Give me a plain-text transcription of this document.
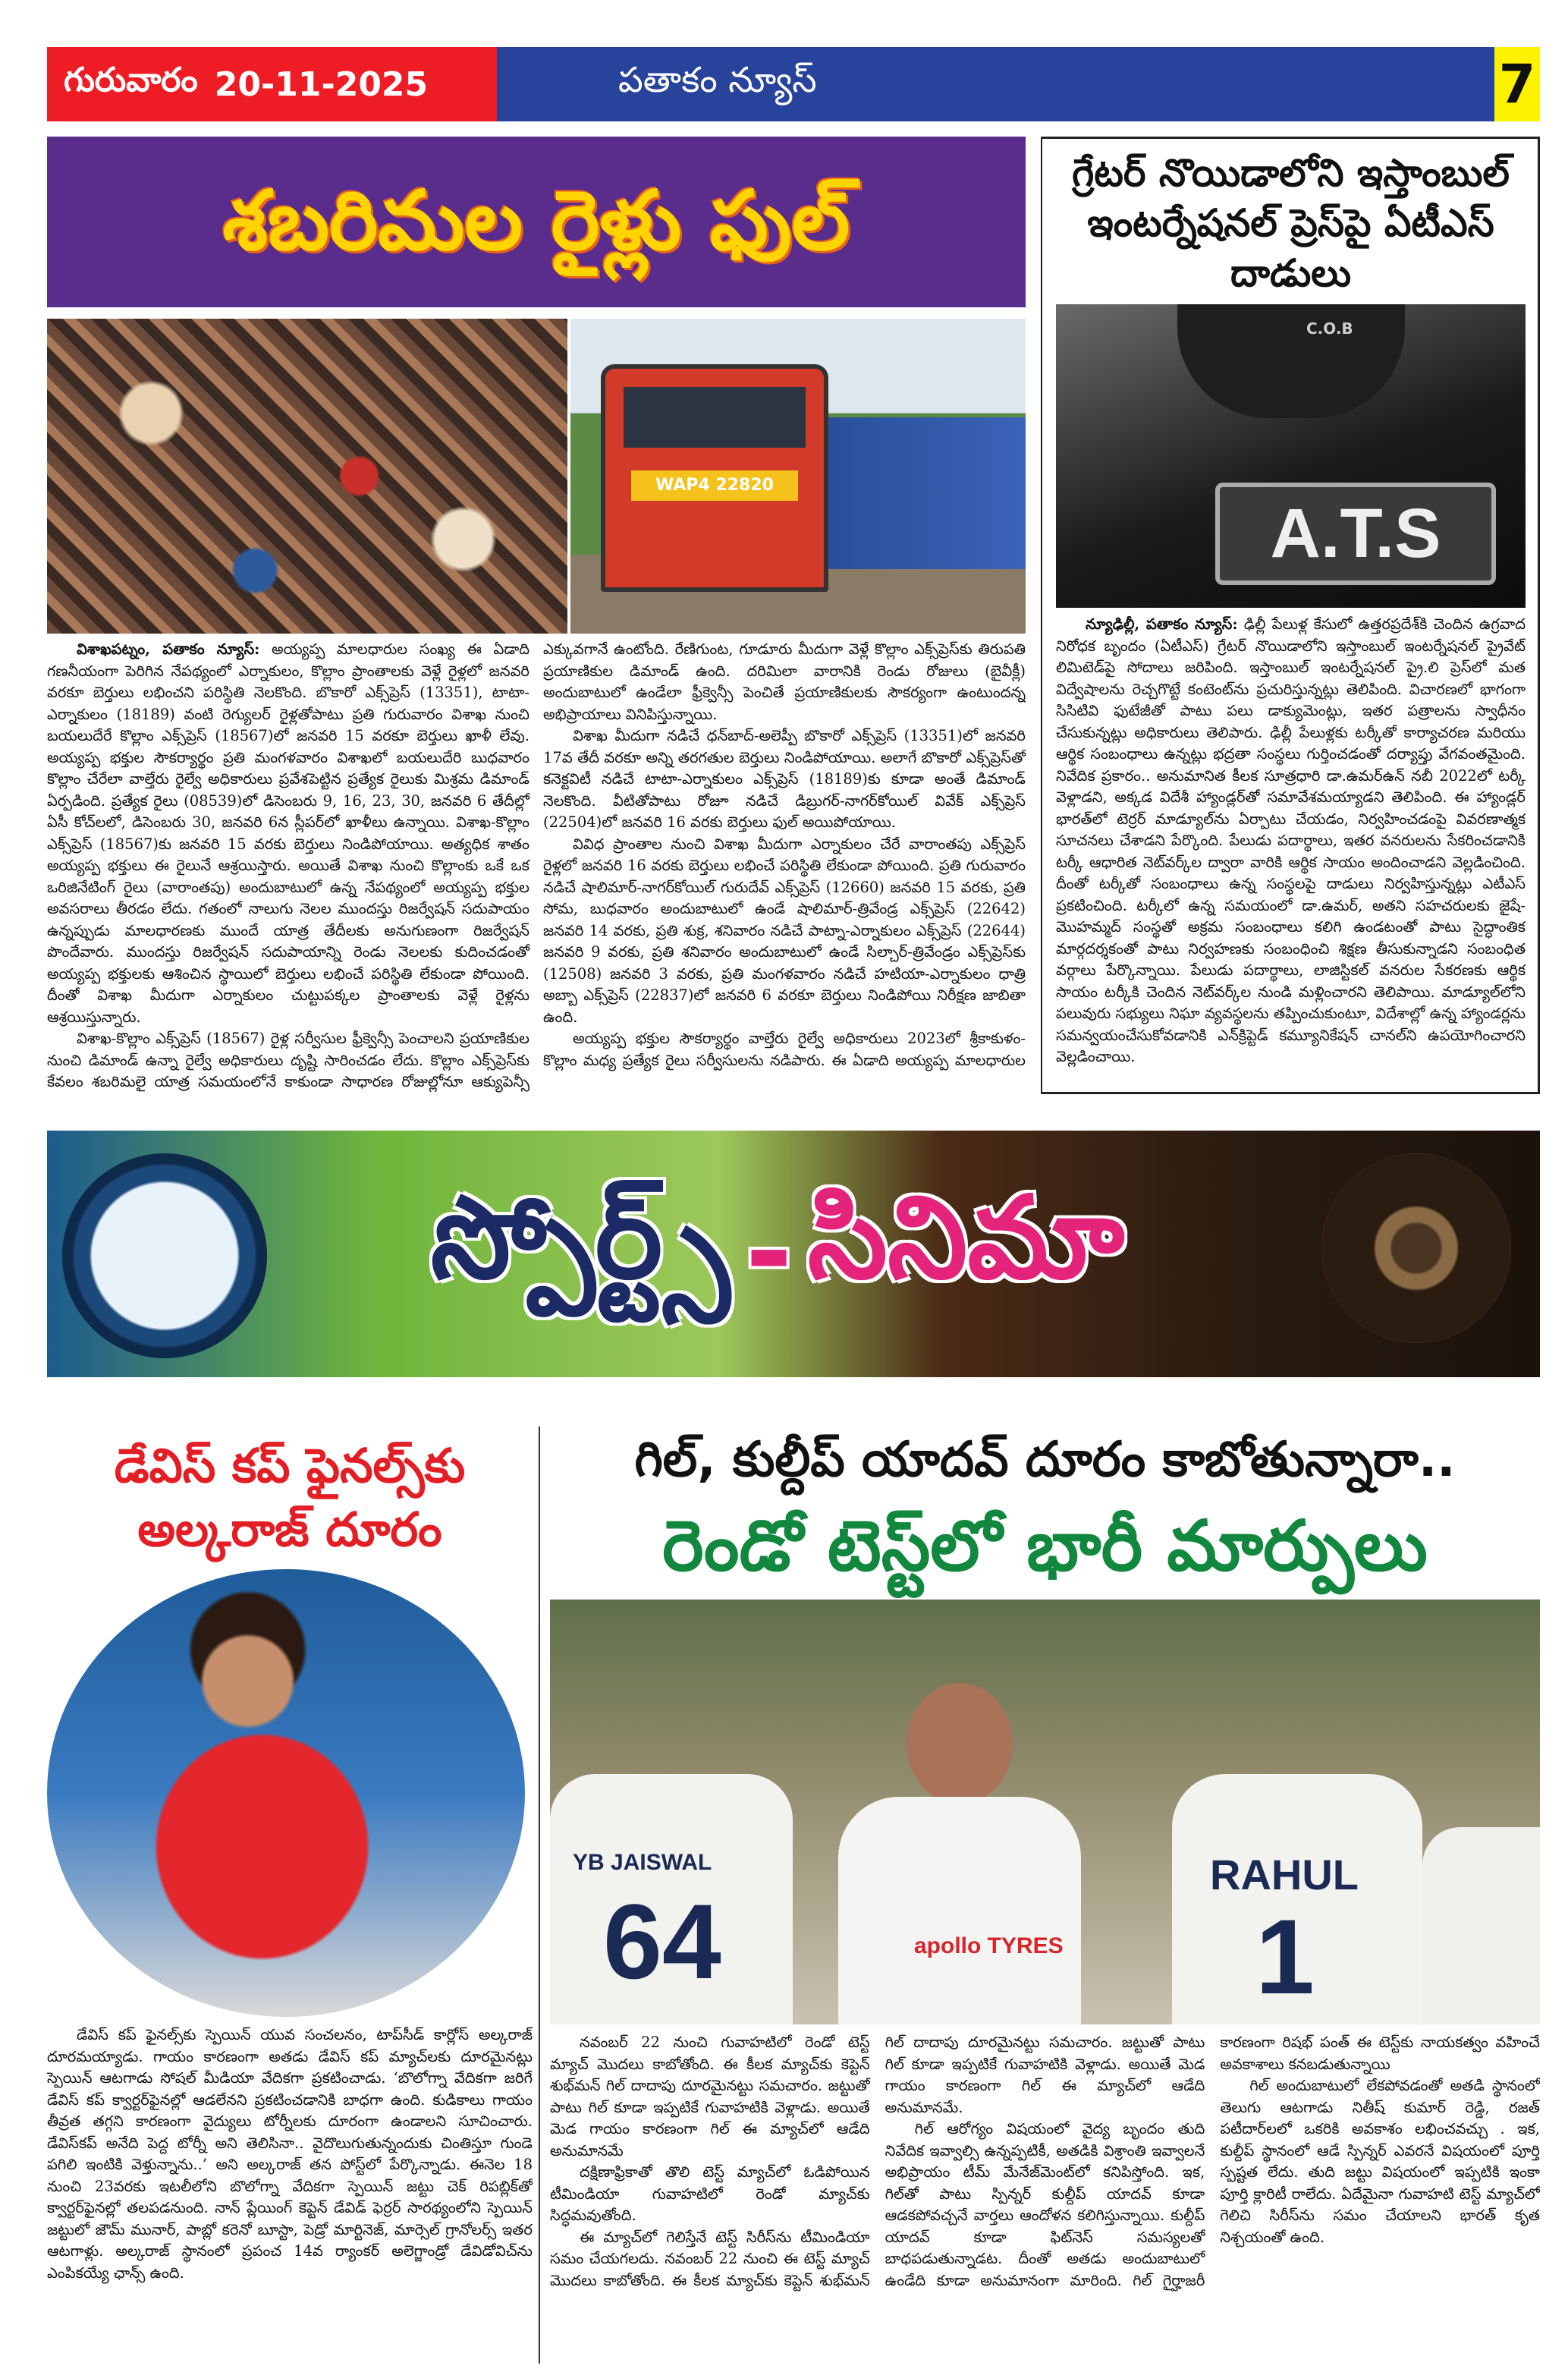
గురువారం 20-11-2025	పతాకం న్యూస్	7
శబరిమల రైళ్లు ఫుల్
WAP4 22820

విశాఖపట్నం, పతాకం న్యూస్: అయ్యప్ప మాలధారుల సంఖ్య ఈ ఏడాది గణనీయంగా పెరిగిన నేపథ్యంలో ఎర్నాకులం, కొల్లాం ప్రాంతాలకు వెళ్లే రైళ్లలో జనవరి వరకూ బెర్తులు లభించని పరిస్థితి నెలకొంది. బొకారో ఎక్స్‌ప్రెస్ (13351), టాటా-ఎర్నాకులం (18189) వంటి రెగ్యులర్ రైళ్లతోపాటు ప్రతి గురువారం విశాఖ నుంచి బయలుదేరే కొల్లాం ఎక్స్‌ప్రెస్ (18567)లో జనవరి 15 వరకూ బెర్తులు ఖాళీ లేవు. అయ్యప్ప భక్తుల సౌకర్యార్థం ప్రతి మంగళవారం విశాఖలో బయలుదేరి బుధవారం కొల్లాం చేరేలా వాల్తేరు రైల్వే అధికారులు ప్రవేశపెట్టిన ప్రత్యేక రైలుకు మిశ్రమ డిమాండ్ ఏర్పడింది. ప్రత్యేక రైలు (08539)లో డిసెంబరు 9, 16, 23, 30, జనవరి 6 తేదీల్లో ఏసీ కోచ్‌లలో, డిసెంబరు 30, జనవరి 6న స్లీపర్‌లో ఖాళీలు ఉన్నాయి. విశాఖ-కొల్లాం ఎక్స్‌ప్రెస్ (18567)కు జనవరి 15 వరకు బెర్తులు నిండిపోయాయి. అత్యధిక శాతం అయ్యప్ప భక్తులు ఈ రైలునే ఆశ్రయిస్తారు. అయితే విశాఖ నుంచి కొల్లాంకు ఒకే ఒక ఒరిజినేటింగ్ రైలు (వారాంతపు) అందుబాటులో ఉన్న నేపథ్యంలో అయ్యప్ప భక్తుల అవసరాలు తీరడం లేదు. గతంలో నాలుగు నెలల ముందస్తు రిజర్వేషన్ సదుపాయం ఉన్నప్పుడు మాలధారణకు ముందే యాత్ర తేదీలకు అనుగుణంగా రిజర్వేషన్ పొందేవారు. ముందస్తు రిజర్వేషన్ సదుపాయాన్ని రెండు నెలలకు కుదించడంతో అయ్యప్ప భక్తులకు ఆశించిన స్థాయిలో బెర్తులు లభించే పరిస్థితి లేకుండా పోయింది. దీంతో విశాఖ మీదుగా ఎర్నాకులం చుట్టుపక్కల ప్రాంతాలకు వెళ్లే రైళ్లను ఆశ్రయిస్తున్నారు.

విశాఖ-కొల్లాం ఎక్స్‌ప్రెస్ (18567) రైళ్ల సర్వీసుల ఫ్రీక్వెన్సీ పెంచాలని ప్రయాణికుల నుంచి డిమాండ్ ఉన్నా రైల్వే అధికారులు దృష్టి సారించడం లేదు. కొల్లాం ఎక్స్‌ప్రెస్‌కు కేవలం శబరిమలై యాత్ర సమయంలోనే కాకుండా సాధారణ రోజుల్లోనూ ఆక్యుపెన్సీ ఎక్కువగానే ఉంటోంది. రేణిగుంట, గూడూరు మీదుగా వెళ్లే కొల్లాం ఎక్స్‌ప్రెస్‌కు తిరుపతి ప్రయాణికుల డిమాండ్ ఉంది. దరిమిలా వారానికి రెండు రోజులు (బైవీక్లీ) అందుబాటులో ఉండేలా ఫ్రీక్వెన్సీ పెంచితే ప్రయాణికులకు సౌకర్యంగా ఉంటుందన్న అభిప్రాయాలు వినిపిస్తున్నాయి.

విశాఖ మీదుగా నడిచే ధన్‌బాద్-అలెప్పీ బొకారో ఎక్స్‌ప్రెస్ (13351)లో జనవరి 17వ తేదీ వరకూ అన్ని తరగతుల బెర్తులు నిండిపోయాయి. అలాగే బొకారో ఎక్స్‌ప్రెస్‌తో కనెక్టవిటీ నడిచే టాటా-ఎర్నాకులం ఎక్స్‌ప్రెస్ (18189)కు కూడా అంతే డిమాండ్ నెలకొంది. వీటితోపాటు రోజూ నడిచే డిబ్రుగర్-నాగర్‌కోయిల్ వివేక్ ఎక్స్‌ప్రెస్ (22504)లో జనవరి 16 వరకు బెర్తులు ఫుల్ అయిపోయాయి.

వివిధ ప్రాంతాల నుంచి విశాఖ మీదుగా ఎర్నాకులం చేరే వారాంతపు ఎక్స్‌ప్రెస్ రైళ్లలో జనవరి 16 వరకు బెర్తులు లభించే పరిస్థితి లేకుండా పోయింది. ప్రతి గురువారం నడిచే షాలిమార్-నాగర్‌కోయిల్ గురుదేవ్ ఎక్స్‌ప్రెస్ (12660) జనవరి 15 వరకు, ప్రతి సోమ, బుధవారం అందుబాటులో ఉండే షాలిమార్-త్రివేండ్ర ఎక్స్‌ప్రెస్ (22642) జనవరి 14 వరకు, ప్రతి శుక్ర, శనివారం నడిచే పాట్నా-ఎర్నాకులం ఎక్స్‌ప్రెస్ (22644) జనవరి 9 వరకు, ప్రతి శనివారం అందుబాటులో ఉండే సిల్చార్-త్రివేండ్రం ఎక్స్‌ప్రెస్‌కు (12508) జనవరి 3 వరకు, ప్రతి మంగళవారం నడిచే హటియా-ఎర్నాకులం ధాత్రి అబ్బా ఎక్స్‌ప్రెస్ (22837)లో జనవరి 6 వరకూ బెర్తులు నిండిపోయి నిరీక్షణ జాబితా ఉంది.

అయ్యప్ప భక్తుల సౌకర్యార్థం వాల్తేరు రైల్వే అధికారులు 2023లో శ్రీకాకుళం-కొల్లాం మధ్య ప్రత్యేక రైలు సర్వీసులను నడిపారు. ఈ ఏడాది అయ్యప్ప మాలధారుల

గ్రేటర్ నొయిడాలోని ఇస్తాంబుల్
ఇంటర్నేషనల్ ప్రెస్‌పై ఏటీఎస్ దాడులు
C.O.B
A.T.S

న్యూఢిల్లీ, పతాకం న్యూస్: ఢిల్లీ పేలుళ్ల కేసులో ఉత్తరప్రదేశ్‌కి చెందిన ఉగ్రవాద నిరోధక బృందం (ఏటీఎస్) గ్రేటర్ నొయిడాలోని ఇస్తాంబుల్ ఇంటర్నేషనల్ ప్రైవేట్ లిమిటెడ్‌పై సోదాలు జరిపింది. ఇస్తాంబుల్ ఇంటర్నేషనల్ ప్రై.లి ప్రెస్‌లో మత విద్వేషాలను రెచ్చగొట్టే కంటెంట్‌ను ప్రచురిస్తున్నట్లు తెలిపింది. విచారణలో భాగంగా సిసిటివి ఫుటేజీతో పాటు పలు డాక్యుమెంట్లు, ఇతర పత్రాలను స్వాధీనం చేసుకున్నట్లు అధికారులు తెలిపారు. ఢిల్లీ పేలుళ్లకు టర్కీతో కార్యాచరణ మరియు ఆర్థిక సంబంధాలు ఉన్నట్లు భద్రతా సంస్థలు గుర్తించడంతో దర్యాప్తు వేగవంతమైంది. నివేదిక ప్రకారం.. అనుమానిత కీలక సూత్రధారి డా.ఉమర్‌ఉన్ నబీ 2022లో టర్కీ వెళ్లాడని, అక్కడ విదేశీ హ్యాండ్లర్‌తో సమావేశమయ్యాడని తెలిపింది. ఈ హ్యాండ్లర్ భారత్‌లో టెర్రర్ మాడ్యూల్‌ను ఏర్పాటు చేయడం, నిర్వహించడంపై వివరణాత్మక సూచనలు చేశాడని పేర్కొంది. పేలుడు పదార్థాలు, ఇతర వనరులను సేకరించడానికి టర్కీ ఆధారిత నెట్‌వర్క్‌ల ద్వారా వారికి ఆర్థిక సాయం అందించాడని వెల్లడించింది. దీంతో టర్కీతో సంబంధాలు ఉన్న సంస్థలపై దాడులు నిర్వహిస్తున్నట్లు ఎటీఎస్ ప్రకటించింది. టర్కీలో ఉన్న సమయంలో డా.ఉమర్, అతని సహచరులకు జైషే-మొహమ్మద్ సంస్థతో అక్రమ సంబంధాలు కలిగి ఉండటంతో పాటు సైద్ధాంతిక మార్గదర్శకంతో పాటు నిర్వహణకు సంబంధించి శిక్షణ తీసుకున్నాడని సంబంధిత వర్గాలు పేర్కొన్నాయి. పేలుడు పదార్థాలు, లాజిస్టికల్ వనరుల సేకరణకు ఆర్థిక సాయం టర్కీకి చెందిన నెట్‌వర్క్‌ల నుండి మళ్లించారని తెలిపాయి. మాడ్యూల్‌లోని పలువురు సభ్యులు నిఘా వ్యవస్థలను తప్పించుకుంటూ, విదేశాల్లో ఉన్న హ్యాండర్లను సమన్వయంచేసుకోవడానికి ఎన్‌క్రిప్టెడ్ కమ్యూనికేషన్ చానల్‌ని ఉపయోగించారని వెల్లడించాయి.

స్పోర్ట్స్ - సినిమా
డేవిస్ కప్ ఫైనల్స్‌కు
అల్కరాజ్ దూరం

డేవిస్ కప్ ఫైనల్స్‌కు స్పెయిన్ యువ సంచలనం, టాప్‌సీడ్ కార్లోస్ అల్కరాజ్ దూరమయ్యాడు. గాయం కారణంగా అతడు డేవిస్ కప్ మ్యాచ్‌లకు దూరమైనట్లు స్పెయిన్ ఆటగాడు సోషల్ మీడియా వేదికగా ప్రకటించాడు. ‘బొలోగ్నా వేదికగా జరిగే డేవిస్ కప్ క్వార్టర్‌ఫైనల్లో ఆడలేనని ప్రకటించడానికి బాధగా ఉంది. కుడికాలు గాయం తీవ్రత తగ్గని కారణంగా వైద్యులు టోర్నీలకు దూరంగా ఉండాలని సూచించారు. డేవిస్‌కప్ అనేది పెద్ద టోర్నీ అని తెలిసినా.. వైదొలుగుతున్నందుకు చింతిస్తూ గుండె పగిలి ఇంటికి వెళ్తున్నాను..’ అని అల్కరాజ్ తన పోస్ట్‌లో పేర్కొన్నాడు. ఈనెల 18 నుంచి 23వరకు ఇటలీలోని బొలోగ్నా వేదికగా స్పెయిన్ జట్టు చెక్ రిపబ్లిక్‌తో క్వార్టర్‌ఫైనల్లో తలపడనుంది. నాన్ ప్లేయింగ్ కెప్టెన్ డేవిడ్ ఫెర్రర్ సారథ్యంలోని స్పెయిన్ జట్టులో జౌమ్ మునార్, పాబ్లో కరెనో బూస్టా, పెడ్రో మార్టినెజ్, మార్సెల్ గ్రానోలర్స్ ఇతర ఆటగాళ్లు. అల్కరాజ్ స్థానంలో ప్రపంచ 14వ ర్యాంకర్ అలెగ్జాండ్రో డేవిడోవిచ్‌ను ఎంపికయ్యే ఛాన్స్ ఉంది.

గిల్, కుల్దీప్ యాదవ్ దూరం కాబోతున్నారా..
రెండో టెస్ట్‌లో భారీ మార్పులు
YB JAISWAL
64	apollo TYRES
RAHUL
1

నవంబర్ 22 నుంచి గువాహటిలో రెండో టెస్ట్ మ్యాచ్ మొదలు కాబోతోంది. ఈ కీలక మ్యాచ్‌కు కెప్టెన్ శుభ్‌మన్ గిల్ దాదాపు దూరమైనట్టు సమచారం. జట్టుతో పాటు గిల్ కూడా ఇప్పటికే గువాహటికి వెళ్లాడు. అయితే మెడ గాయం కారణంగా గిల్ ఈ మ్యాచ్‌లో ఆడేది అనుమానమే

దక్షిణాఫ్రికాతో తొలి టెస్ట్ మ్యాచ్‌లో ఓడిపోయిన టీమిండియా గువాహటిలో రెండో మ్యాచ్‌కు సిద్ధమవుతోంది.

ఈ మ్యాచ్‌లో గెలిస్తేనే టెస్ట్ సిరీస్‌ను టీమిండియా సమం చేయగలదు. నవంబర్ 22 నుంచి ఈ టెస్ట్ మ్యాచ్ మొదలు కాబోతోంది. ఈ కీలక మ్యాచ్‌కు కెప్టెన్ శుభ్‌మన్ గిల్ దాదాపు దూరమైనట్టు సమచారం. జట్టుతో పాటు గిల్ కూడా ఇప్పటికే గువాహటికి వెళ్లాడు. అయితే మెడ గాయం కారణంగా గిల్ ఈ మ్యాచ్‌లో ఆడేది అనుమానమే.

గిల్ ఆరోగ్యం విషయంలో వైద్య బృందం తుది నివేదిక ఇవ్వాల్సి ఉన్నప్పటికీ, అతడికి విశ్రాంతి ఇవ్వాలనే అభిప్రాయం టీమ్ మేనేజ్‌మెంట్‌లో కనిపిస్తోంది. ఇక, గిల్‌తో పాటు స్పిన్నర్ కుల్దీప్ యాదవ్ కూడా ఆడకపోవచ్చనే వార్తలు ఆందోళన కలిగిస్తున్నాయి. కుల్దీప్ యాదవ్ కూడా ఫిట్‌నెస్ సమస్యలతో బాధపడుతున్నాడట. దీంతో అతడు అందుబాటులో ఉండేది కూడా అనుమానంగా మారింది. గిల్ గైర్హాజరీ కారణంగా రిషభ్ పంత్ ఈ టెస్ట్‌కు నాయకత్వం వహించే అవకాశాలు కనబడుతున్నాయి

గిల్ అందుబాటులో లేకపోవడంతో అతడి స్థానంలో తెలుగు ఆటగాడు నితీష్ కుమార్ రెడ్డి, రజత్ పటీదార్‌లలో ఒకరికి అవకాశం లభించవచ్చు . ఇక, కుల్దీప్ స్థానంలో ఆడే స్పిన్నర్ ఎవరనే విషయంలో పూర్తి స్పష్టత లేదు. తుది జట్టు విషయంలో ఇప్పటికి ఇంకా పూర్తి క్లారిటీ రాలేదు. ఏదేమైనా గువాహటి టెస్ట్ మ్యాచ్‌లో గెలిచి సిరీస్‌ను సమం చేయాలని భారత్ కృత నిశ్చయంతో ఉంది.
